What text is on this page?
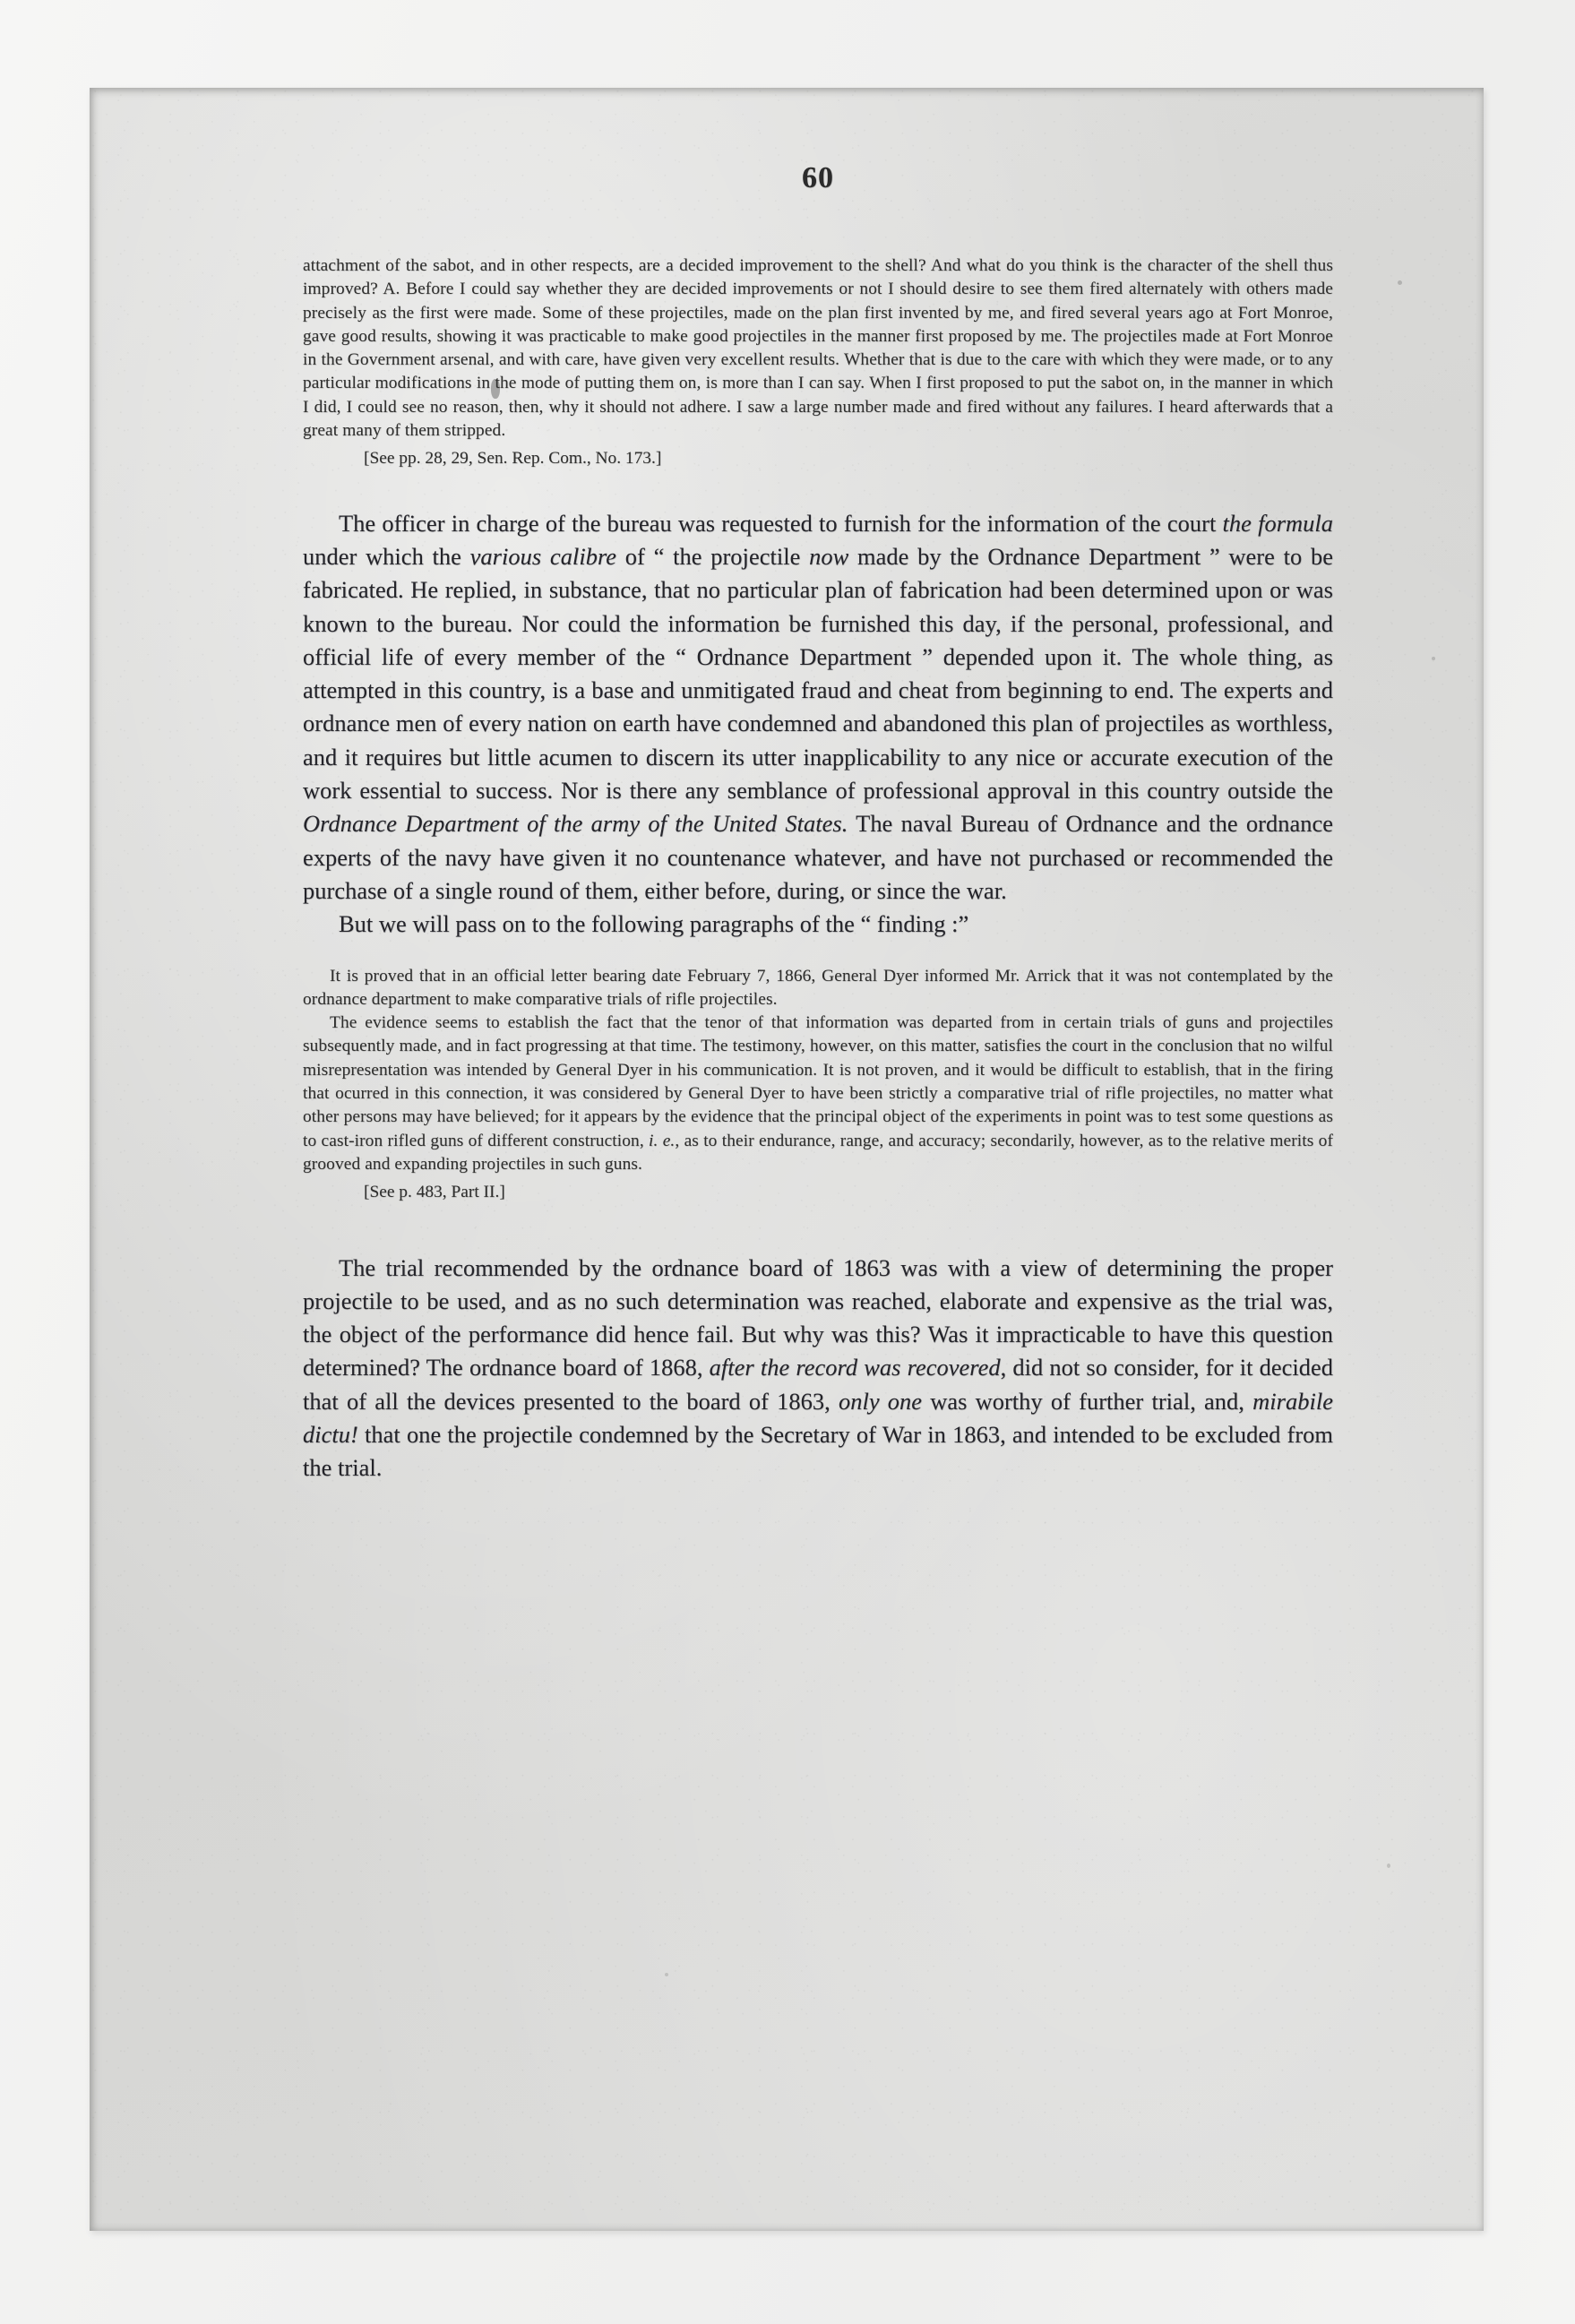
60

attachment of the sabot, and in other respects, are a decided improvement to the shell? And what do you think is the character of the shell thus improved? A. Before I could say whether they are decided improvements or not I should desire to see them fired alternately with others made precisely as the first were made. Some of these projectiles, made on the plan first invented by me, and fired several years ago at Fort Monroe, gave good results, showing it was practicable to make good projectiles in the manner first proposed by me. The projectiles made at Fort Monroe in the Government arsenal, and with care, have given very excellent results. Whether that is due to the care with which they were made, or to any particular modifications in the mode of putting them on, is more than I can say. When I first proposed to put the sabot on, in the manner in which I did, I could see no reason, then, why it should not adhere. I saw a large number made and fired without any failures. I heard afterwards that a great many of them stripped.

[See pp. 28, 29, Sen. Rep. Com., No. 173.]

The officer in charge of the bureau was requested to furnish for the information of the court the formula under which the various calibre of “ the projectile now made by the Ordnance Department ” were to be fabricated. He replied, in substance, that no particular plan of fabrication had been determined upon or was known to the bureau. Nor could the information be furnished this day, if the personal, professional, and official life of every member of the “ Ordnance Department ” depended upon it. The whole thing, as attempted in this country, is a base and unmitigated fraud and cheat from beginning to end. The experts and ordnance men of every nation on earth have condemned and abandoned this plan of projectiles as worthless, and it requires but little acumen to discern its utter inapplicability to any nice or accurate execution of the work essential to success. Nor is there any semblance of professional approval in this country outside the Ordnance Department of the army of the United States. The naval Bureau of Ordnance and the ordnance experts of the navy have given it no countenance whatever, and have not purchased or recommended the purchase of a single round of them, either before, during, or since the war.

But we will pass on to the following paragraphs of the “ finding :”

It is proved that in an official letter bearing date February 7, 1866, General Dyer informed Mr. Arrick that it was not contemplated by the ordnance department to make comparative trials of rifle projectiles.

The evidence seems to establish the fact that the tenor of that information was departed from in certain trials of guns and projectiles subsequently made, and in fact progressing at that time. The testimony, however, on this matter, satisfies the court in the conclusion that no wilful misrepresentation was intended by General Dyer in his communication. It is not proven, and it would be difficult to establish, that in the firing that ocurred in this connection, it was considered by General Dyer to have been strictly a comparative trial of rifle projectiles, no matter what other persons may have believed; for it appears by the evidence that the principal object of the experiments in point was to test some questions as to cast-iron rifled guns of different construction, i. e., as to their endurance, range, and accuracy; secondarily, however, as to the relative merits of grooved and expanding projectiles in such guns.

[See p. 483, Part II.]

The trial recommended by the ordnance board of 1863 was with a view of determining the proper projectile to be used, and as no such determination was reached, elaborate and expensive as the trial was, the object of the performance did hence fail. But why was this? Was it impracticable to have this question determined? The ordnance board of 1868, after the record was recovered, did not so consider, for it decided that of all the devices presented to the board of 1863, only one was worthy of further trial, and, mirabile dictu! that one the projectile condemned by the Secretary of War in 1863, and intended to be excluded from the trial.
